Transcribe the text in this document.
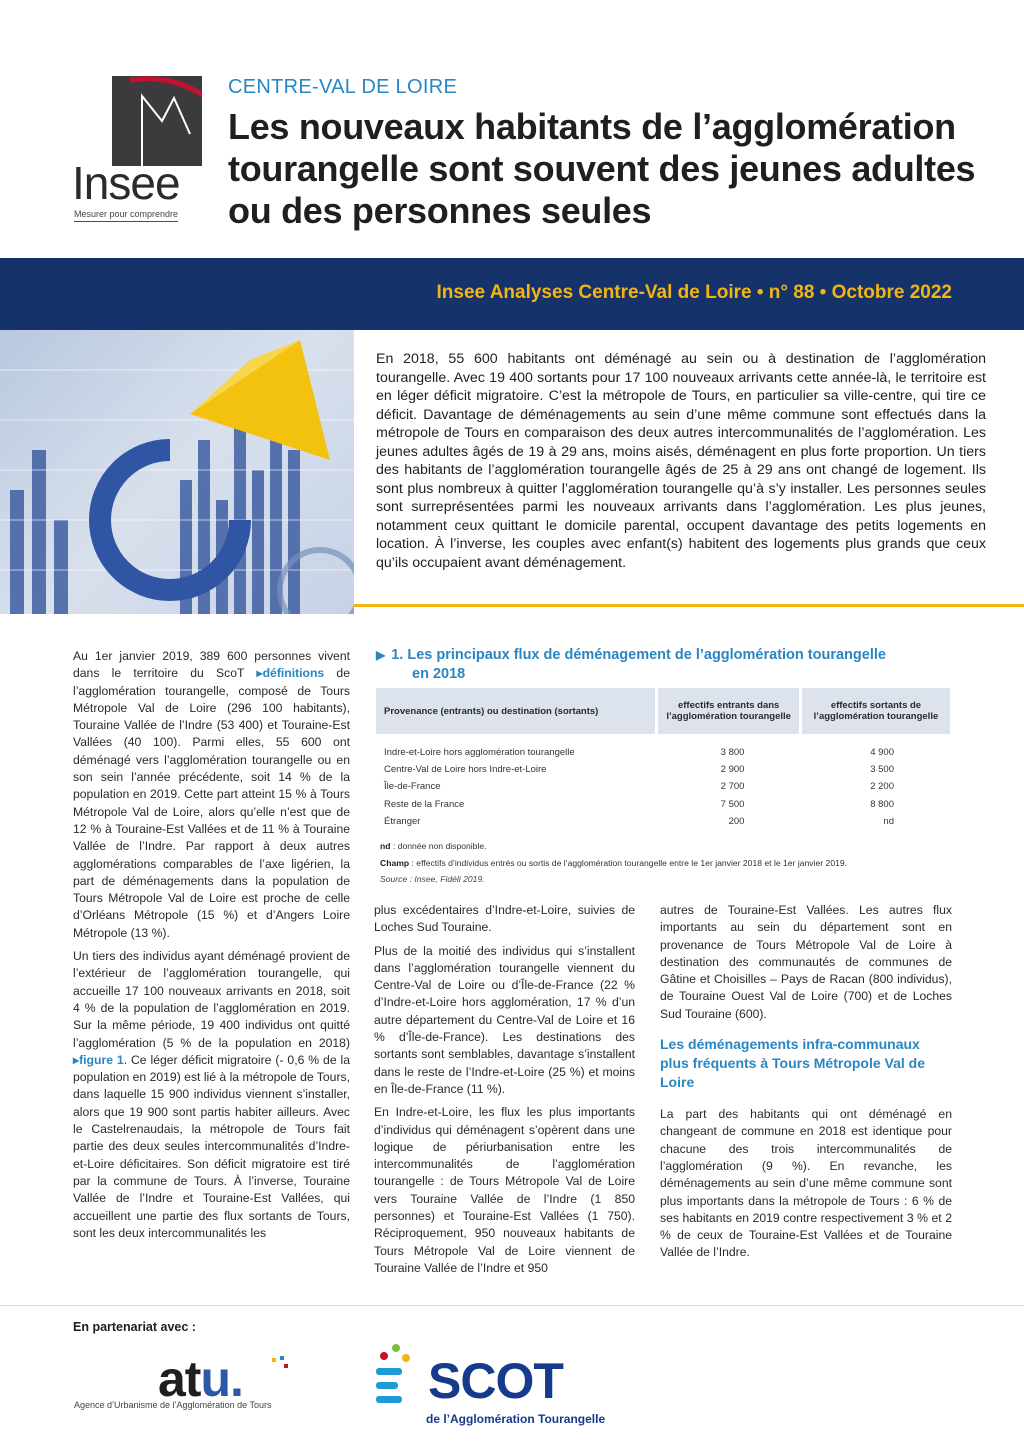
Insee
Mesurer pour comprendre
CENTRE-VAL DE LOIRE
Les nouveaux habitants de l’agglomération tourangelle sont souvent des jeunes adultes ou des personnes seules
Insee Analyses Centre-Val de Loire • n° 88 • Octobre 2022

En 2018, 55 600 habitants ont déménagé au sein ou à destination de l’agglomération tourangelle. Avec 19 400 sortants pour 17 100 nouveaux arrivants cette année-là, le territoire est en léger déficit migratoire. C’est la métropole de Tours, en particulier sa ville-centre, qui tire ce déficit. Davantage de déménagements au sein d’une même commune sont effectués dans la métropole de Tours en comparaison des deux autres intercommunalités de l’agglomération. Les jeunes adultes âgés de 19 à 29 ans, moins aisés, déménagent en plus forte proportion. Un tiers des habitants de l’agglomération tourangelle âgés de 25 à 29 ans ont changé de logement. Ils sont plus nombreux à quitter l’agglomération tourangelle qu’à s’y installer. Les personnes seules sont surreprésentées parmi les nouveaux arrivants dans l’agglomération. Les plus jeunes, notamment ceux quittant le domicile parental, occupent davantage des petits logements en location. À l’inverse, les couples avec enfant(s) habitent des logements plus grands que ceux qu’ils occupaient avant déménagement.

Au 1er janvier 2019, 389 600 personnes vivent dans le territoire du ScoT ▸définitions de l’agglomération tourangelle, composé de Tours Métropole Val de Loire (296 100 habitants), Touraine Vallée de l’Indre (53 400) et Touraine-Est Vallées (40 100). Parmi elles, 55 600 ont déménagé vers l’agglomération tourangelle ou en son sein l’année précédente, soit 14 % de la population en 2019. Cette part atteint 15 % à Tours Métropole Val de Loire, alors qu’elle n’est que de 12 % à Touraine-Est Vallées et de 11 % à Touraine Vallée de l’Indre. Par rapport à deux autres agglomérations comparables de l’axe ligérien, la part de déménagements dans la population de Tours Métropole Val de Loire est proche de celle d’Orléans Métropole (15 %) et d’Angers Loire Métropole (13 %).

Un tiers des individus ayant déménagé provient de l’extérieur de l’agglomération tourangelle, qui accueille 17 100 nouveaux arrivants en 2018, soit 4 % de la population de l’agglomération en 2019. Sur la même période, 19 400 individus ont quitté l’agglomération (5 % de la population en 2018) ▸figure 1. Ce léger déficit migratoire (- 0,6 % de la population en 2019) est lié à la métropole de Tours, dans laquelle 15 900 individus viennent s’installer, alors que 19 900 sont partis habiter ailleurs. Avec le Castelrenaudais, la métropole de Tours fait partie des deux seules intercommunalités d’Indre-et-Loire déficitaires. Son déficit migratoire est tiré par la commune de Tours. À l’inverse, Touraine Vallée de l’Indre et Touraine-Est Vallées, qui accueillent une partie des flux sortants de Tours, sont les deux intercommunalités les

▶ 1. Les principaux flux de déménagement de l’agglomération tourangelle
en 2018
Provenance (entrants) ou destination (sortants)	effectifs entrants dans l’agglomération tourangelle	effectifs sortants de l’agglomération tourangelle
Indre-et-Loire hors agglomération tourangelle	3 800	4 900
Centre-Val de Loire hors Indre-et-Loire	2 900	3 500
Île-de-France	2 700	2 200
Reste de la France	7 500	8 800
Étranger	200	nd
nd : donnée non disponible.
Champ : effectifs d’individus entrés ou sortis de l’agglomération tourangelle entre le 1er janvier 2018 et le 1er janvier 2019.
Source : Insee, Fidéli 2019.

plus excédentaires d’Indre-et-Loire, suivies de Loches Sud Touraine.

Plus de la moitié des individus qui s’installent dans l’agglomération tourangelle viennent du Centre-Val de Loire ou d’Île-de-France (22 % d’Indre-et-Loire hors agglomération, 17 % d’un autre département du Centre-Val de Loire et 16 % d’Île-de-France). Les destinations des sortants sont semblables, davantage s’installent dans le reste de l’Indre-et-Loire (25 %) et moins en Île-de-France (11 %).

En Indre-et-Loire, les flux les plus importants d’individus qui déménagent s’opèrent dans une logique de périurbanisation entre les intercommunalités de l’agglomération tourangelle : de Tours Métropole Val de Loire vers Touraine Vallée de l’Indre (1 850 personnes) et Touraine-Est Vallées (1 750). Réciproquement, 950 nouveaux habitants de Tours Métropole Val de Loire viennent de Touraine Vallée de l’Indre et 950

autres de Touraine-Est Vallées. Les autres flux importants au sein du département sont en provenance de Tours Métropole Val de Loire à destination des communautés de communes de Gâtine et Choisilles – Pays de Racan (800 individus), de Touraine Ouest Val de Loire (700) et de Loches Sud Touraine (600).

Les déménagements infra-communaux plus fréquents à Tours Métropole Val de Loire

La part des habitants qui ont déménagé en changeant de commune en 2018 est identique pour chacune des trois intercommunalités de l’agglomération (9 %). En revanche, les déménagements au sein d’une même commune sont plus importants dans la métropole de Tours : 6 % de ses habitants en 2019 contre respectivement 3 % et 2 % de ceux de Touraine-Est Vallées et de Touraine Vallée de l’Indre.

En partenariat avec :
atu.
Agence d’Urbanisme de l’Agglomération de Tours	SCOT
de l’Agglomération Tourangelle
